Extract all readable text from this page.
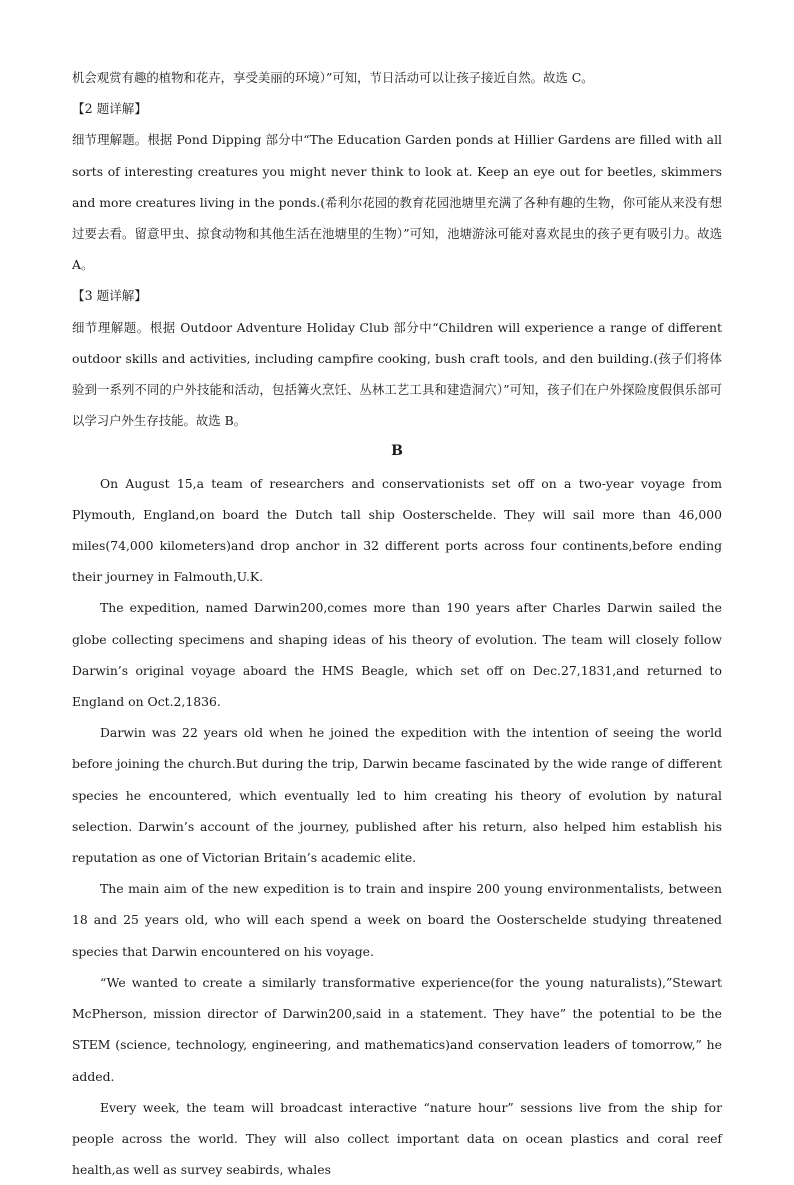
机会观赏有趣的植物和花卉，享受美丽的环境）”可知，节日活动可以让孩子接近自然。故选 C。

【2 题详解】

细节理解题。根据 Pond Dipping 部分中“The Education Garden ponds at Hillier Gardens are filled with all sorts of interesting creatures you might never think to look at. Keep an eye out for beetles, skimmers and more creatures living in the ponds.(希利尔花园的教育花园池塘里充满了各种有趣的生物，你可能从来没有想过要去看。留意甲虫、掠食动物和其他生活在池塘里的生物）”可知，池塘游泳可能对喜欢昆虫的孩子更有吸引力。故选 A。

【3 题详解】

细节理解题。根据 Outdoor Adventure Holiday Club 部分中“Children will experience a range of different outdoor skills and activities, including campfire cooking, bush craft tools, and den building.(孩子们将体验到一系列不同的户外技能和活动，包括篝火烹饪、丛林工艺工具和建造洞穴）”可知，孩子们在户外探险度假俱乐部可以学习户外生存技能。故选 B。

B

On August 15,a team of researchers and conservationists set off on a two-year voyage from Plymouth, England,on board the Dutch tall ship Oosterschelde. They will sail more than 46,000 miles(74,000 kilometers)and drop anchor in 32 different ports across four continents,before ending their journey in Falmouth,U.K.

The expedition, named Darwin200,comes more than 190 years after Charles Darwin sailed the globe collecting specimens and shaping ideas of his theory of evolution. The team will closely follow Darwin’s original voyage aboard the HMS Beagle, which set off on Dec.27,1831,and returned to England on Oct.2,1836.

Darwin was 22 years old when he joined the expedition with the intention of seeing the world before joining the church.But during the trip, Darwin became fascinated by the wide range of different species he encountered, which eventually led to him creating his theory of evolution by natural selection. Darwin’s account of the journey, published after his return, also helped him establish his reputation as one of Victorian Britain’s academic elite.

The main aim of the new expedition is to train and inspire 200 young environmentalists, between 18 and 25 years old, who will each spend a week on board the Oosterschelde studying threatened species that Darwin encountered on his voyage.

“We wanted to create a similarly transformative experience(for the young naturalists),”Stewart McPherson, mission director of Darwin200,said in a statement. They have” the potential to be the STEM (science, technology, engineering, and mathematics)and conservation leaders of tomorrow,” he added.

Every week, the team will broadcast interactive “nature hour” sessions live from the ship for people across the world. They will also collect important data on ocean plastics and coral reef health,as well as survey seabirds, whales
